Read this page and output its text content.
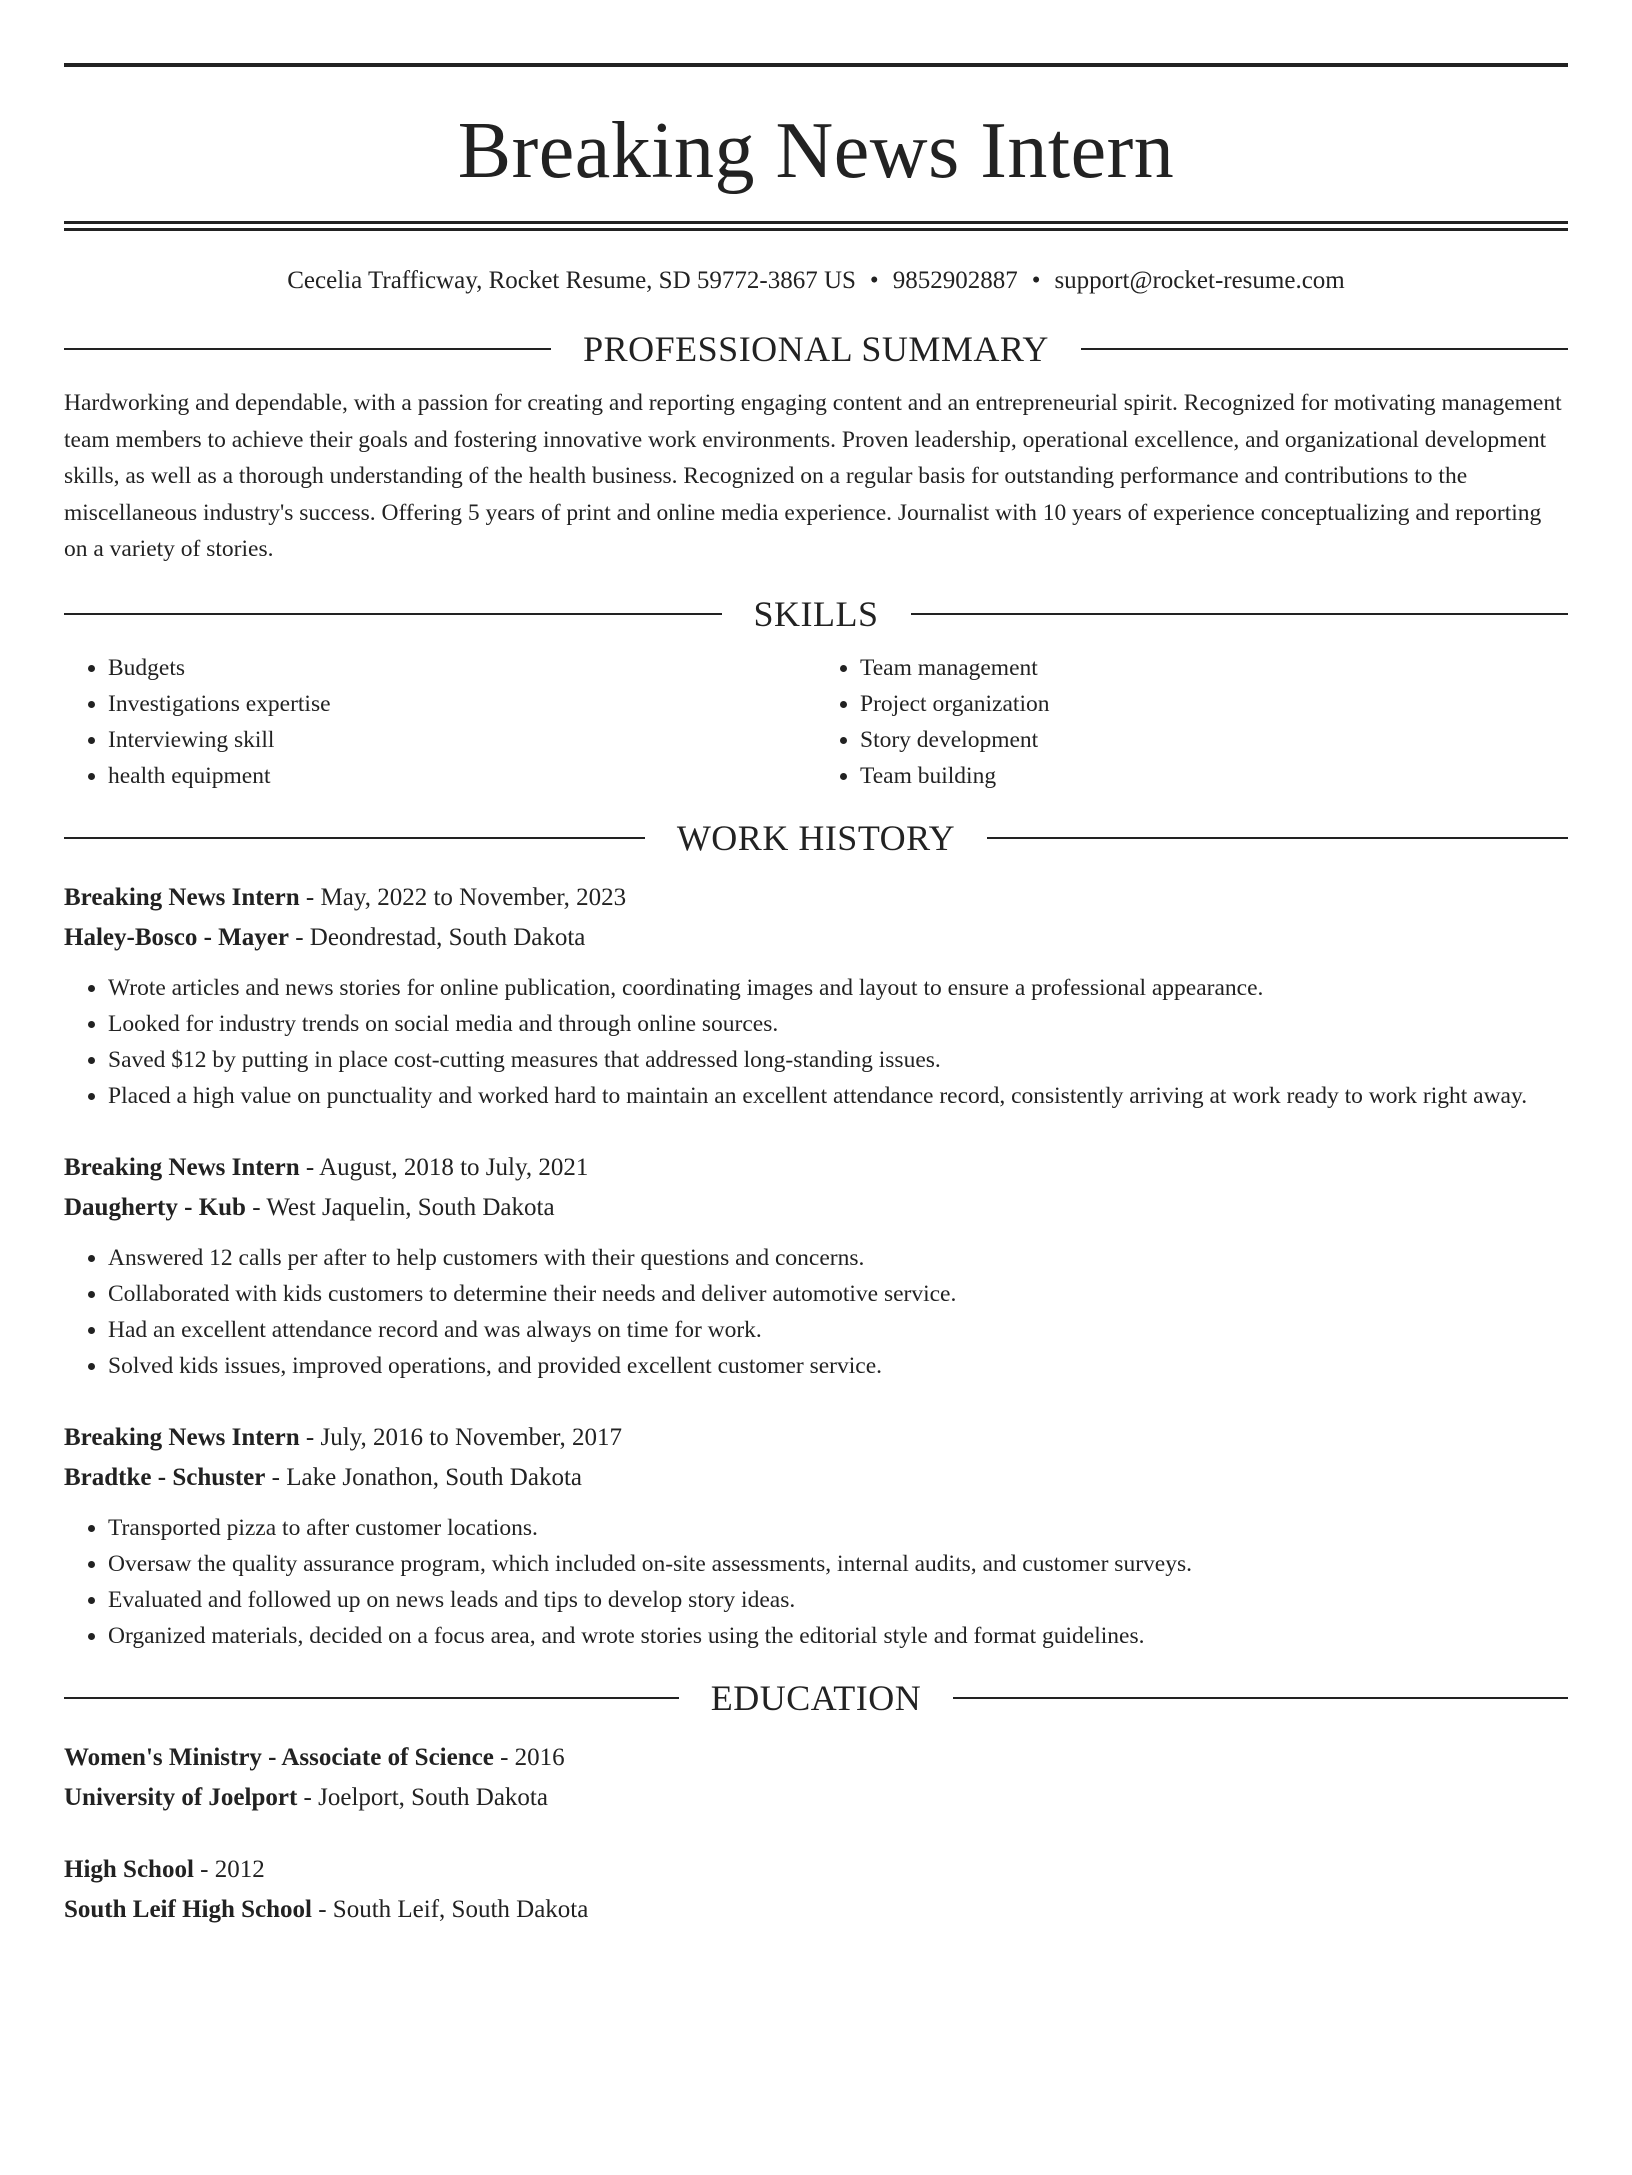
Breaking News Intern
Cecelia Trafficway, Rocket Resume, SD 59772-3867 US • 9852902887 • support@rocket-resume.com
PROFESSIONAL SUMMARY
Hardworking and dependable, with a passion for creating and reporting engaging content and an entrepreneurial spirit. Recognized for motivating management team members to achieve their goals and fostering innovative work environments. Proven leadership, operational excellence, and organizational development skills, as well as a thorough understanding of the health business. Recognized on a regular basis for outstanding performance and contributions to the miscellaneous industry's success. Offering 5 years of print and online media experience. Journalist with 10 years of experience conceptualizing and reporting on a variety of stories.
SKILLS
• Budgets
• Investigations expertise
• Interviewing skill
• health equipment
• Team management
• Project organization
• Story development
• Team building
WORK HISTORY
Breaking News Intern - May, 2022 to November, 2023
Haley-Bosco - Mayer - Deondrestad, South Dakota
• Wrote articles and news stories for online publication, coordinating images and layout to ensure a professional appearance.
• Looked for industry trends on social media and through online sources.
• Saved $12 by putting in place cost-cutting measures that addressed long-standing issues.
• Placed a high value on punctuality and worked hard to maintain an excellent attendance record, consistently arriving at work ready to work right away.
Breaking News Intern - August, 2018 to July, 2021
Daugherty - Kub - West Jaquelin, South Dakota
• Answered 12 calls per after to help customers with their questions and concerns.
• Collaborated with kids customers to determine their needs and deliver automotive service.
• Had an excellent attendance record and was always on time for work.
• Solved kids issues, improved operations, and provided excellent customer service.
Breaking News Intern - July, 2016 to November, 2017
Bradtke - Schuster - Lake Jonathon, South Dakota
• Transported pizza to after customer locations.
• Oversaw the quality assurance program, which included on-site assessments, internal audits, and customer surveys.
• Evaluated and followed up on news leads and tips to develop story ideas.
• Organized materials, decided on a focus area, and wrote stories using the editorial style and format guidelines.
EDUCATION
Women's Ministry - Associate of Science - 2016
University of Joelport - Joelport, South Dakota
High School - 2012
South Leif High School - South Leif, South Dakota
